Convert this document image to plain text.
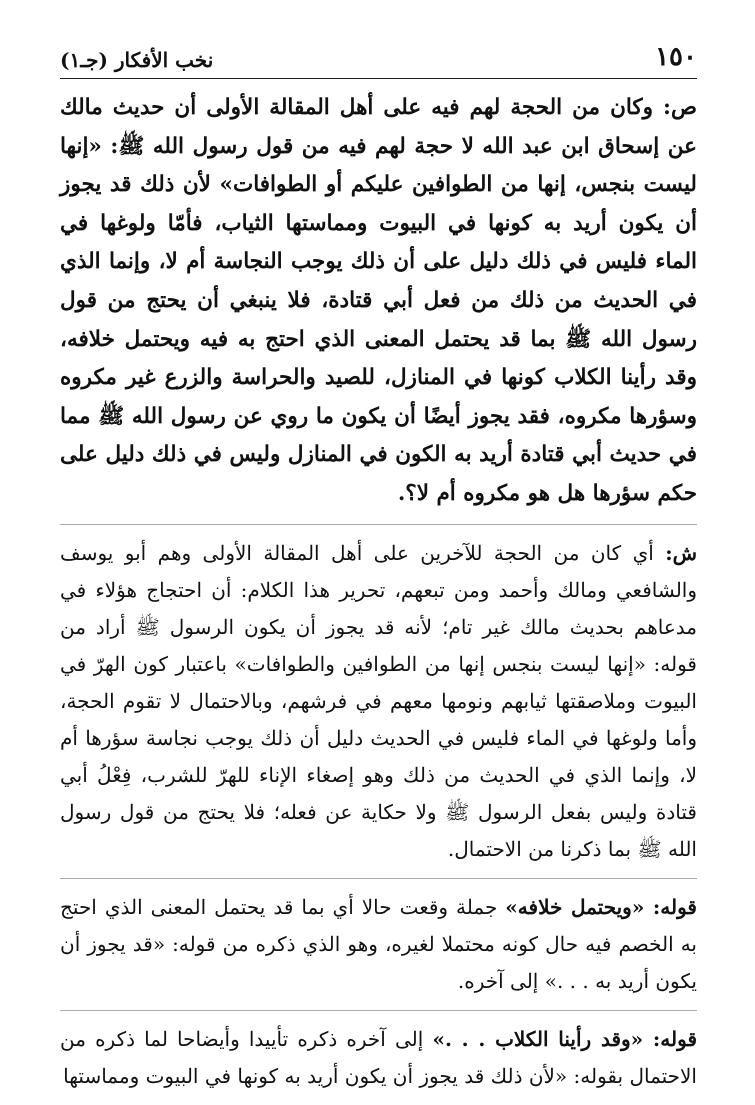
١٥٠
نخب الأفكار (جـ١)

ص: وكان من الحجة لهم فيه على أهل المقالة الأولى أن حديث مالك عن إسحاق ابن عبد الله لا حجة لهم فيه من قول رسول الله ﷺ: «إنها ليست بنجس، إنها من الطوافين عليكم أو الطوافات» لأن ذلك قد يجوز أن يكون أريد به كونها في البيوت ومماستها الثياب، فأمّا ولوغها في الماء فليس في ذلك دليل على أن ذلك يوجب النجاسة أم لا، وإنما الذي في الحديث من ذلك من فعل أبي قتادة، فلا ينبغي أن يحتج من قول رسول الله ﷺ بما قد يحتمل المعنى الذي احتج به فيه ويحتمل خلافه، وقد رأينا الكلاب كونها في المنازل، للصيد والحراسة والزرع غير مكروه وسؤرها مكروه، فقد يجوز أيضًا أن يكون ما روي عن رسول الله ﷺ مما في حديث أبي قتادة أريد به الكون في المنازل وليس في ذلك دليل على حكم سؤرها هل هو مكروه أم لا؟.

ش: أي كان من الحجة للآخرين على أهل المقالة الأولى وهم أبو يوسف والشافعي ومالك وأحمد ومن تبعهم، تحرير هذا الكلام: أن احتجاج هؤلاء في مدعاهم بحديث مالك غير تام؛ لأنه قد يجوز أن يكون الرسول ﷺ أراد من قوله: «إنها ليست بنجس إنها من الطوافين والطوافات» باعتبار كون الهرّ في البيوت وملاصقتها ثيابهم ونومها معهم في فرشهم، وبالاحتمال لا تقوم الحجة، وأما ولوغها في الماء فليس في الحديث دليل أن ذلك يوجب نجاسة سؤرها أم لا، وإنما الذي في الحديث من ذلك وهو إصغاء الإناء للهرّ للشرب، فِعْلُ أبي قتادة وليس بفعل الرسول ﷺ ولا حكاية عن فعله؛ فلا يحتج من قول رسول الله ﷺ بما ذكرنا من الاحتمال.

قوله: «ويحتمل خلافه» جملة وقعت حالا أي بما قد يحتمل المعنى الذي احتج به الخصم فيه حال كونه محتملا لغيره، وهو الذي ذكره من قوله: «قد يجوز أن يكون أريد به . . .» إلى آخره.

قوله: «وقد رأينا الكلاب . . .» إلى آخره ذكره تأييدا وأيضاحا لما ذكره من الاحتمال بقوله: «لأن ذلك قد يجوز أن يكون أريد به كونها في البيوت ومماستها
